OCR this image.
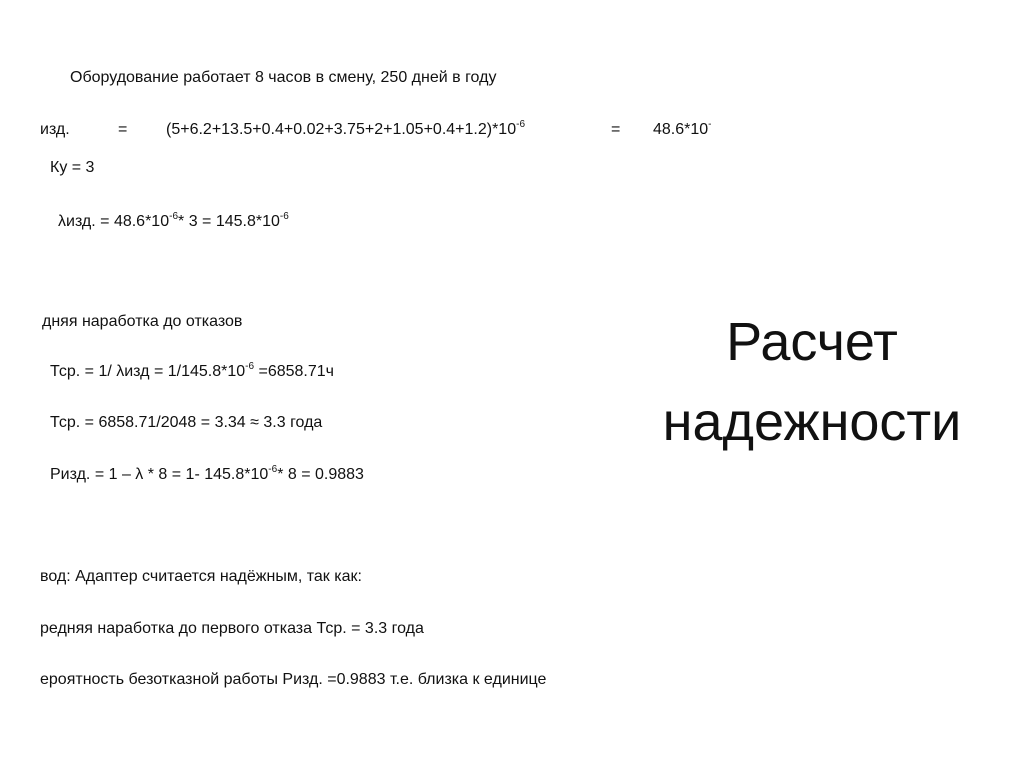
Расчет
надежности
Оборудование работает 8 часов в смену, 250 дней в году
изд.	= $(5+6.2+13.5+0.4+0.02+3.75+2+1.05+0.4+1.2)*10^{-6}$	= 48.6*10-
Ку = 3
λизд. = $48.6*10^{-6}*$ $3 = 145.8*10^{-6}$
дняя наработка до отказов
Тср. = 1/ $\lambda изд = 1/145.8*10^{-6} =6858.71ч$
Тср. = 6858.71/2048 = 3.34 ≈ 3.3 года
Ризд. = 1 – λ * 8 = 1- $145.8*10^{-6}*$ 8 = 0.9883
вод: Адаптер считается надёжным, так как:
редняя наработка до первого отказа Тср. = 3.3 года
ероятность безотказной работы Ризд. =0.9883 т.е. близка к единице
